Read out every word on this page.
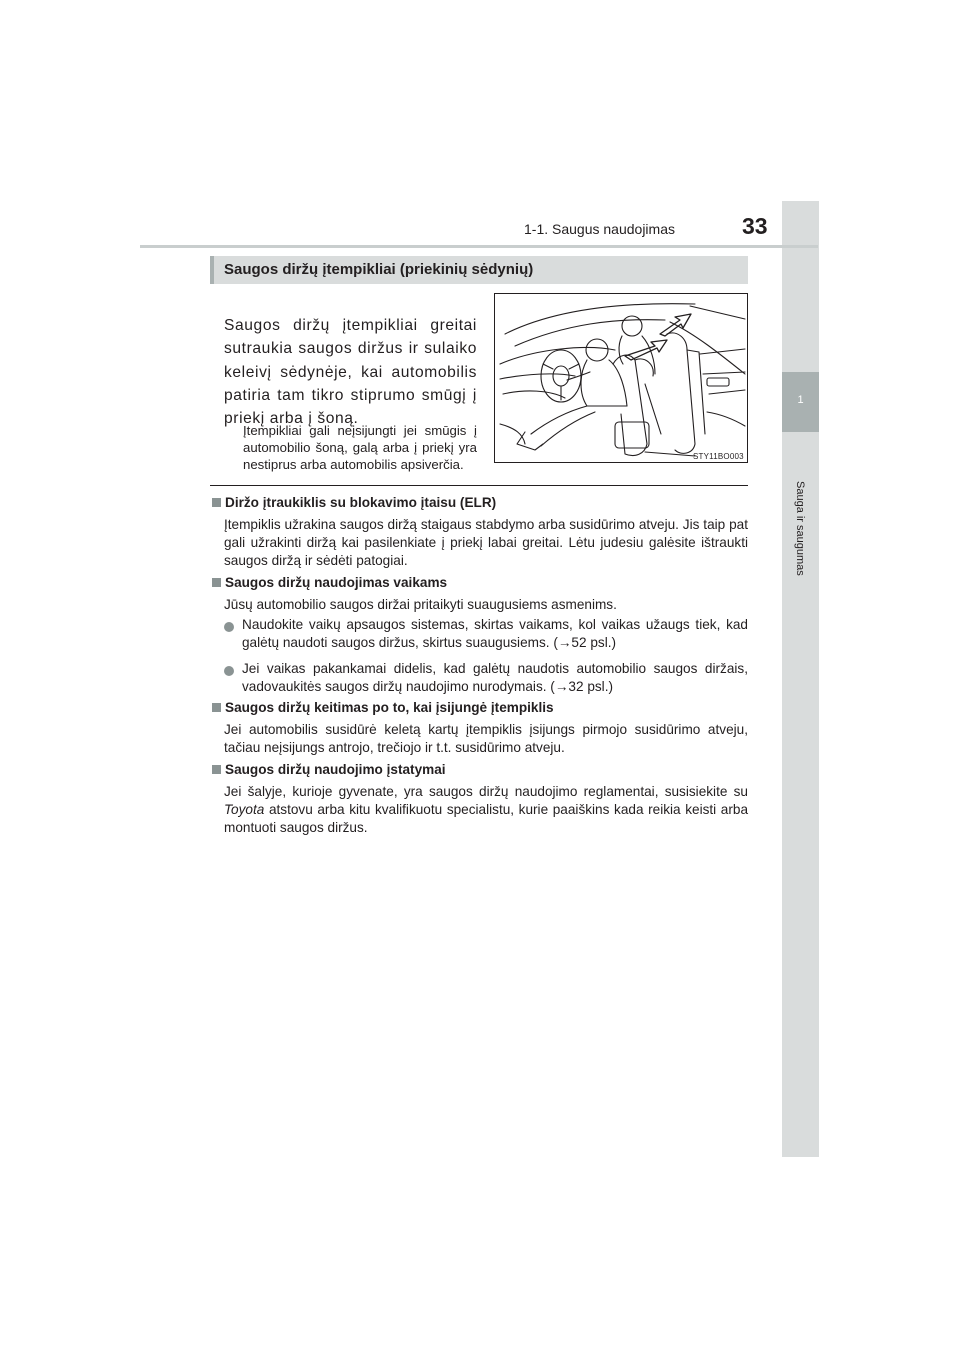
1
Sauga ir saugumas
1-1. Saugus naudojimas	33
Saugos diržų įtempikliai (priekinių sėdynių)
Saugos diržų įtempikliai greitai sutraukia saugos diržus ir sulaiko keleivį sėdynėje, kai automobilis patiria tam tikro stiprumo smūgį į priekį arba į šoną.
Įtempikliai gali neįsijungti jei smūgis į automobilio šoną, galą arba į priekį yra nestiprus arba automobilis apsiverčia.
STY11BO003
Diržo įtraukiklis su blokavimo įtaisu (ELR)
Įtempiklis užrakina saugos diržą staigaus stabdymo arba susidūrimo atveju. Jis taip pat gali užrakinti diržą kai pasilenkiate į priekį labai greitai. Lėtu judesiu galėsite ištraukti saugos diržą ir sėdėti patogiai.
Saugos diržų naudojimas vaikams
Jūsų automobilio saugos diržai pritaikyti suaugusiems asmenims.
Naudokite vaikų apsaugos sistemas, skirtas vaikams, kol vaikas užaugs tiek, kad galėtų naudoti saugos diržus, skirtus suaugusiems. (→52 psl.)
Jei vaikas pakankamai didelis, kad galėtų naudotis automobilio saugos diržais, vadovaukitės saugos diržų naudojimo nurodymais. (→32 psl.)
Saugos diržų keitimas po to, kai įsijungė įtempiklis
Jei automobilis susidūrė keletą kartų įtempiklis įsijungs pirmojo susidūrimo atveju, tačiau neįsijungs antrojo, trečiojo ir t.t. susidūrimo atveju.
Saugos diržų naudojimo įstatymai
Jei šalyje, kurioje gyvenate, yra saugos diržų naudojimo reglamentai, susisiekite su Toyota atstovu arba kitu kvalifikuotu specialistu, kurie paaiškins kada reikia keisti arba montuoti saugos diržus.
